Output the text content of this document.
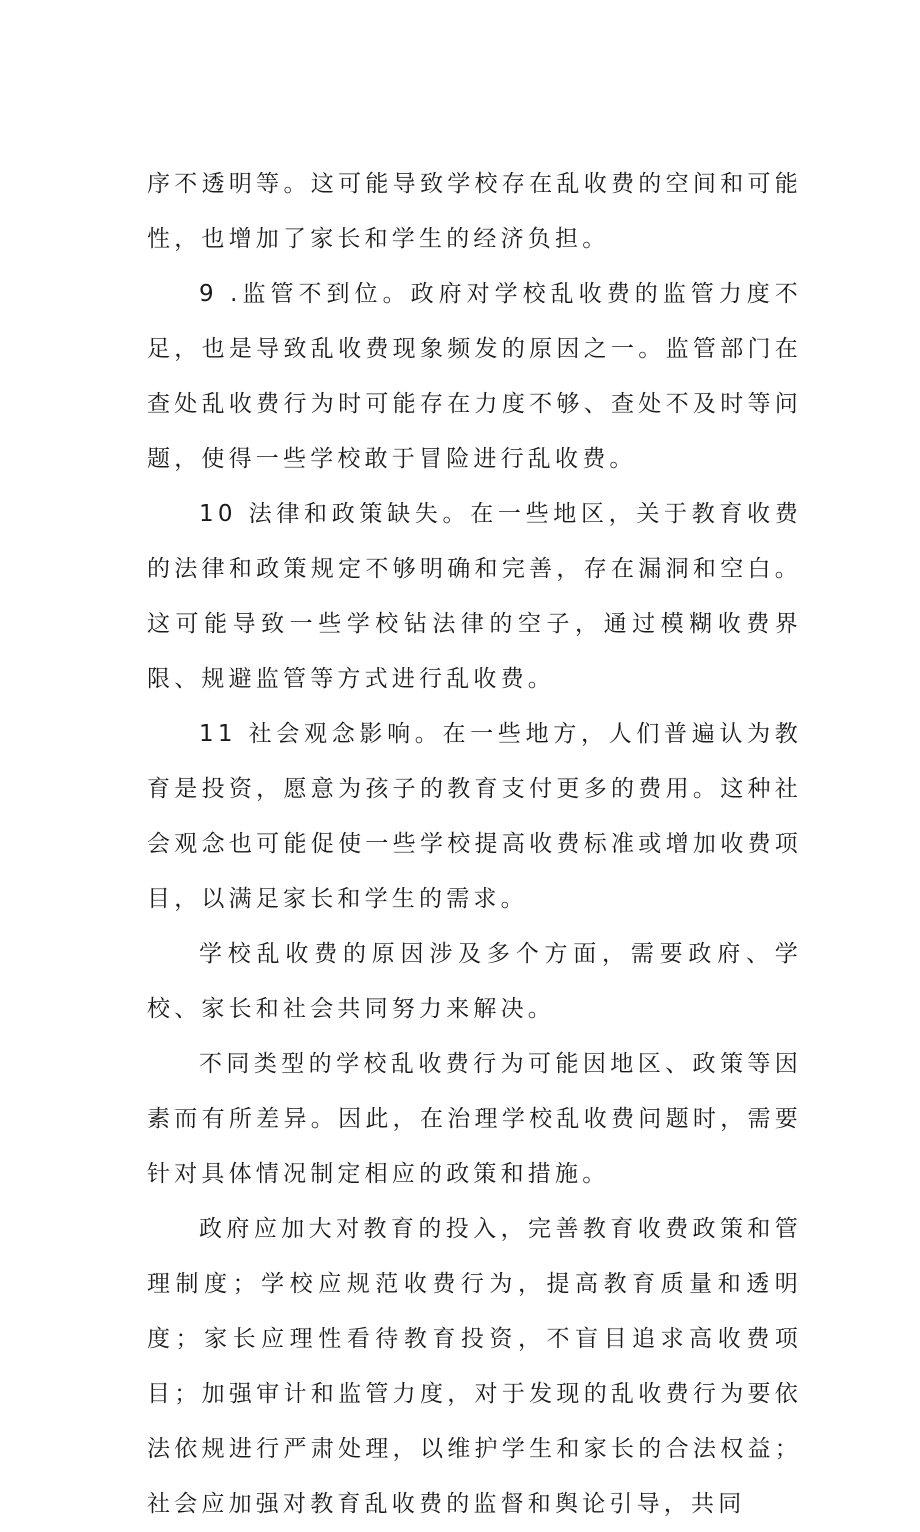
序不透明等。这可能导致学校存在乱收费的空间和可能性，也增加了家长和学生的经济负担。

9 .监管不到位。政府对学校乱收费的监管力度不足，也是导致乱收费现象频发的原因之一。监管部门在查处乱收费行为时可能存在力度不够、查处不及时等问题，使得一些学校敢于冒险进行乱收费。

10 法律和政策缺失。在一些地区，关于教育收费的法律和政策规定不够明确和完善，存在漏洞和空白。这可能导致一些学校钻法律的空子，通过模糊收费界限、规避监管等方式进行乱收费。

11 社会观念影响。在一些地方，人们普遍认为教育是投资，愿意为孩子的教育支付更多的费用。这种社会观念也可能促使一些学校提高收费标准或增加收费项目，以满足家长和学生的需求。

学校乱收费的原因涉及多个方面，需要政府、学校、家长和社会共同努力来解决。

不同类型的学校乱收费行为可能因地区、政策等因素而有所差异。因此，在治理学校乱收费问题时，需要针对具体情况制定相应的政策和措施。

政府应加大对教育的投入，完善教育收费政策和管理制度；学校应规范收费行为，提高教育质量和透明度；家长应理性看待教育投资，不盲目追求高收费项目；加强审计和监管力度，对于发现的乱收费行为要依法依规进行严肃处理，以维护学生和家长的合法权益；社会应加强对教育乱收费的监督和舆论引导，共同
